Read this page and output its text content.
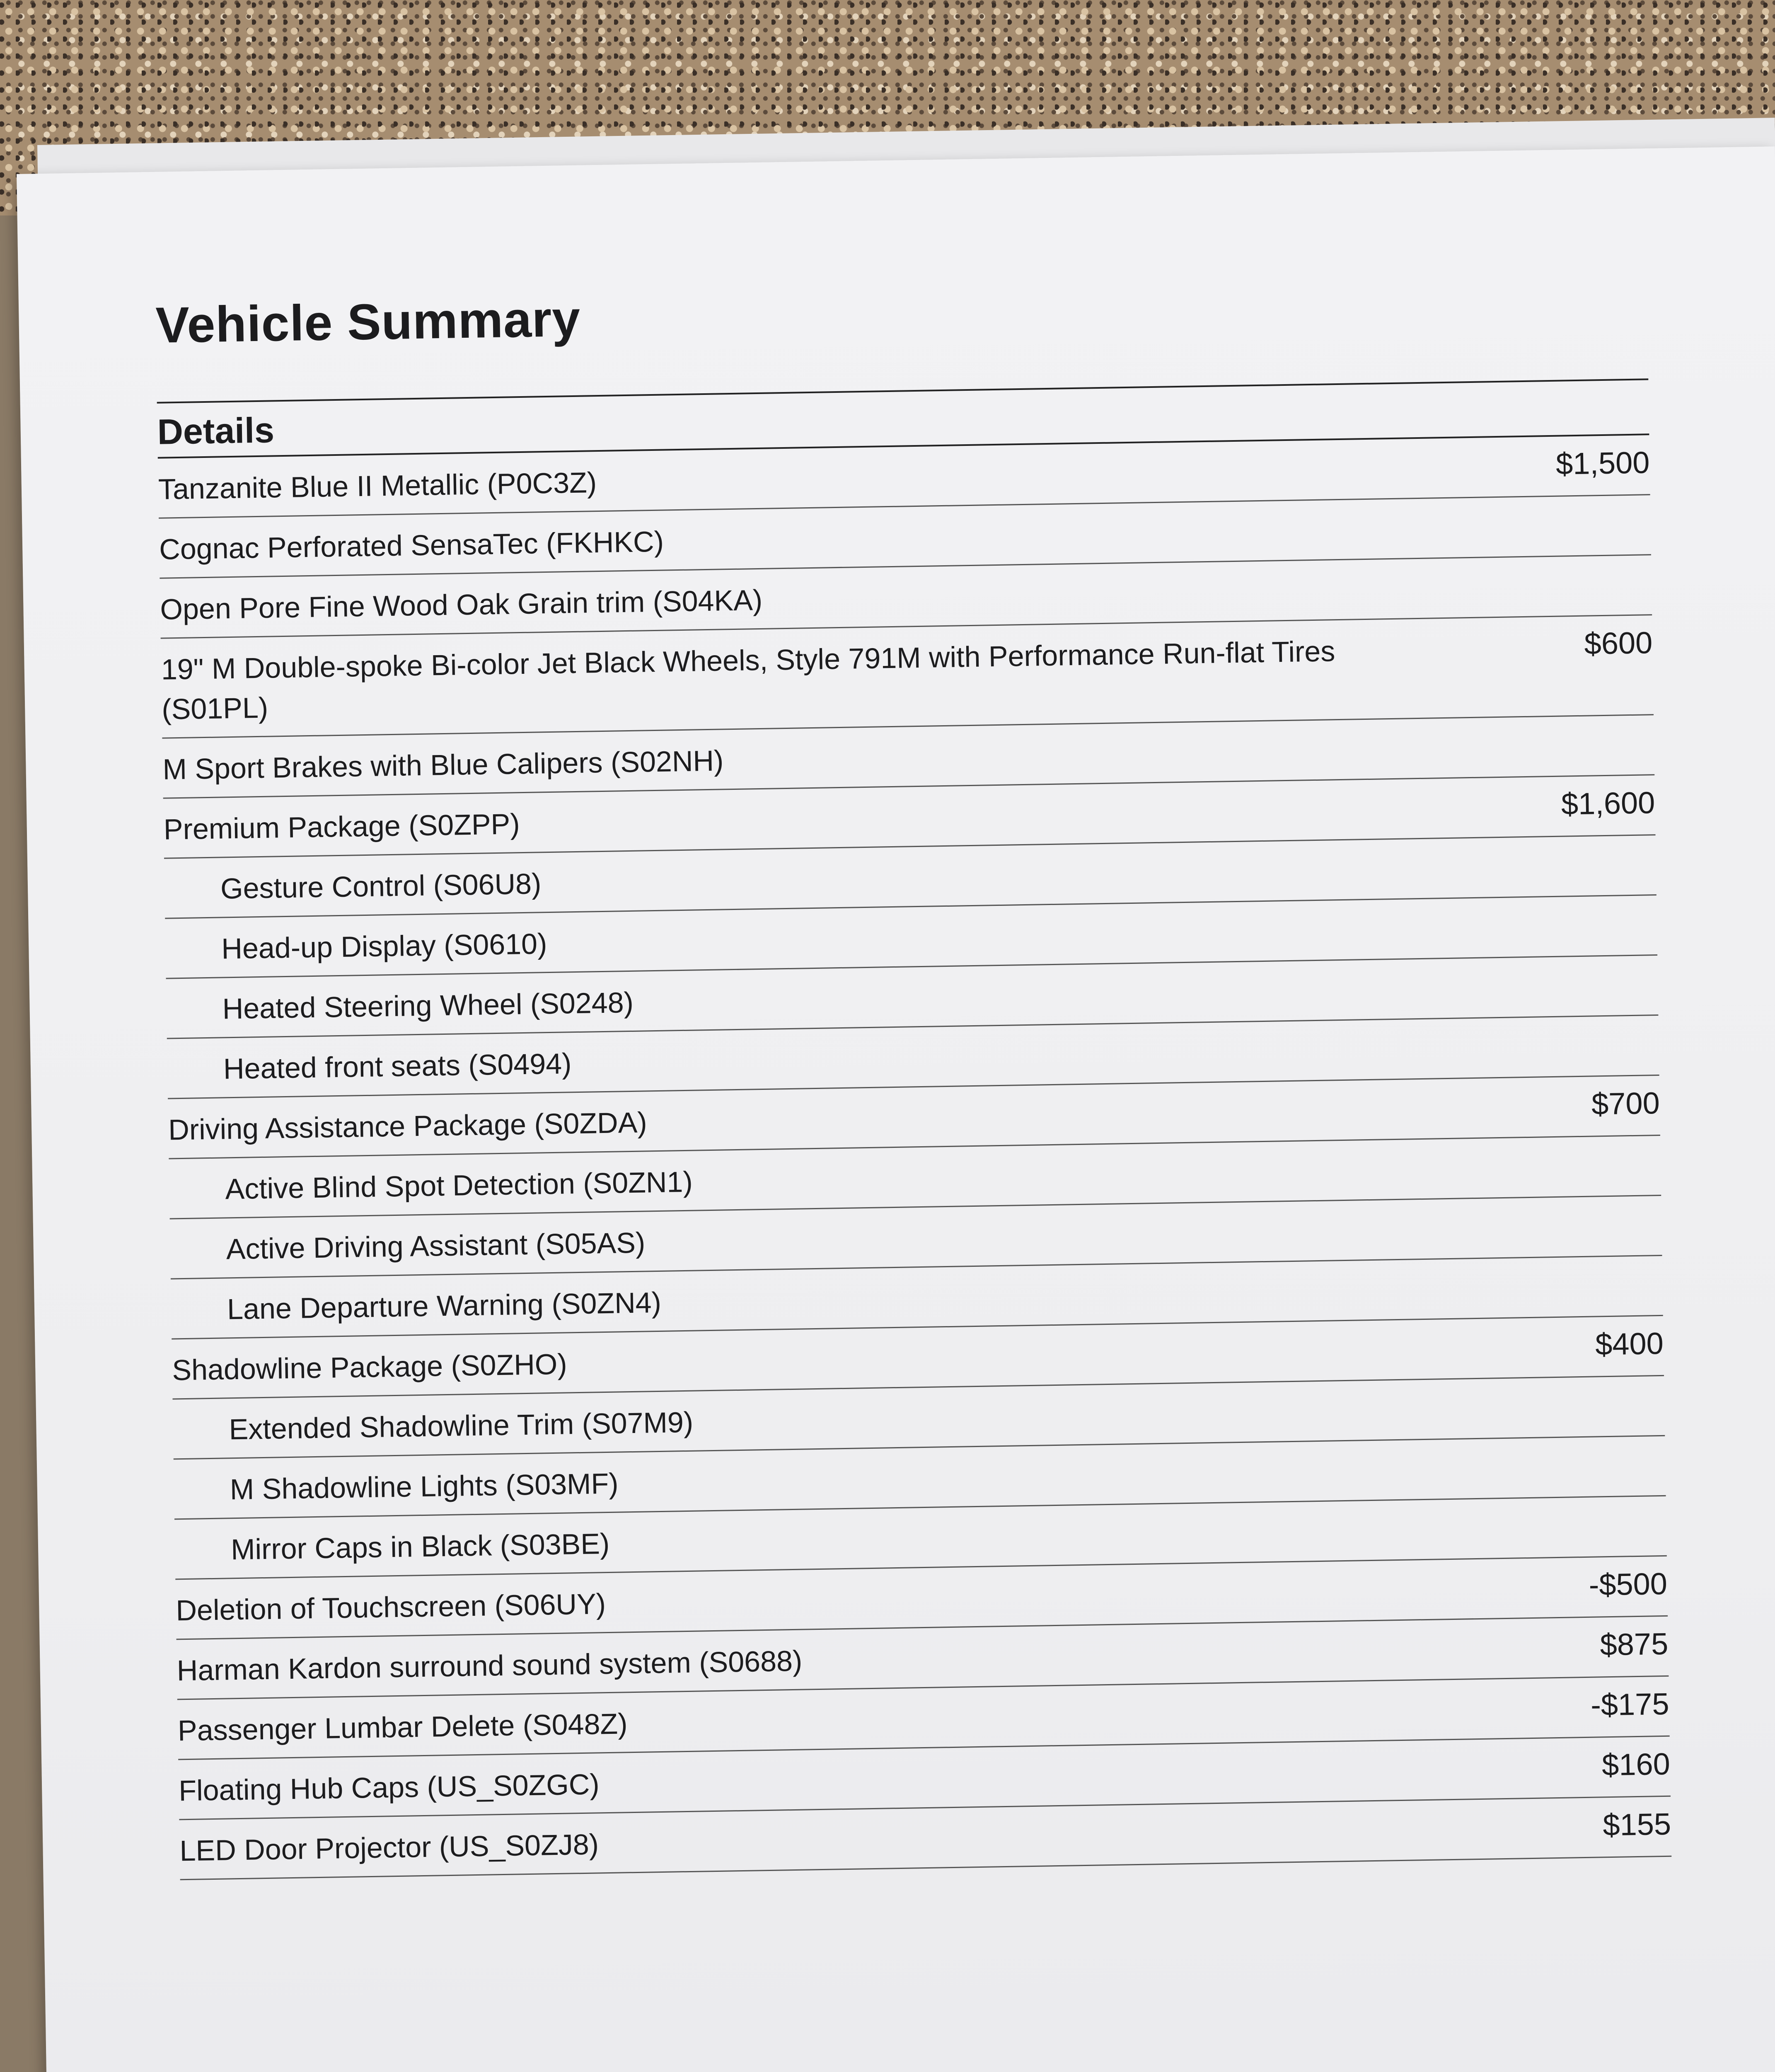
Vehicle Summary
Details
Tanzanite Blue II Metallic (P0C3Z)
$1,500
Cognac Perforated SensaTec (FKHKC)
Open Pore Fine Wood Oak Grain trim (S04KA)
19" M Double-spoke Bi-color Jet Black Wheels, Style 791M with Performance Run-flat Tires (S01PL)
$600
M Sport Brakes with Blue Calipers (S02NH)
Premium Package (S0ZPP)
$1,600
Gesture Control (S06U8)
Head-up Display (S0610)
Heated Steering Wheel (S0248)
Heated front seats (S0494)
Driving Assistance Package (S0ZDA)
$700
Active Blind Spot Detection (S0ZN1)
Active Driving Assistant (S05AS)
Lane Departure Warning (S0ZN4)
Shadowline Package (S0ZHO)
$400
Extended Shadowline Trim (S07M9)
M Shadowline Lights (S03MF)
Mirror Caps in Black (S03BE)
Deletion of Touchscreen (S06UY)
-$500
Harman Kardon surround sound system (S0688)
$875
Passenger Lumbar Delete (S048Z)
-$175
Floating Hub Caps (US_S0ZGC)
$160
LED Door Projector (US_S0ZJ8)
$155
